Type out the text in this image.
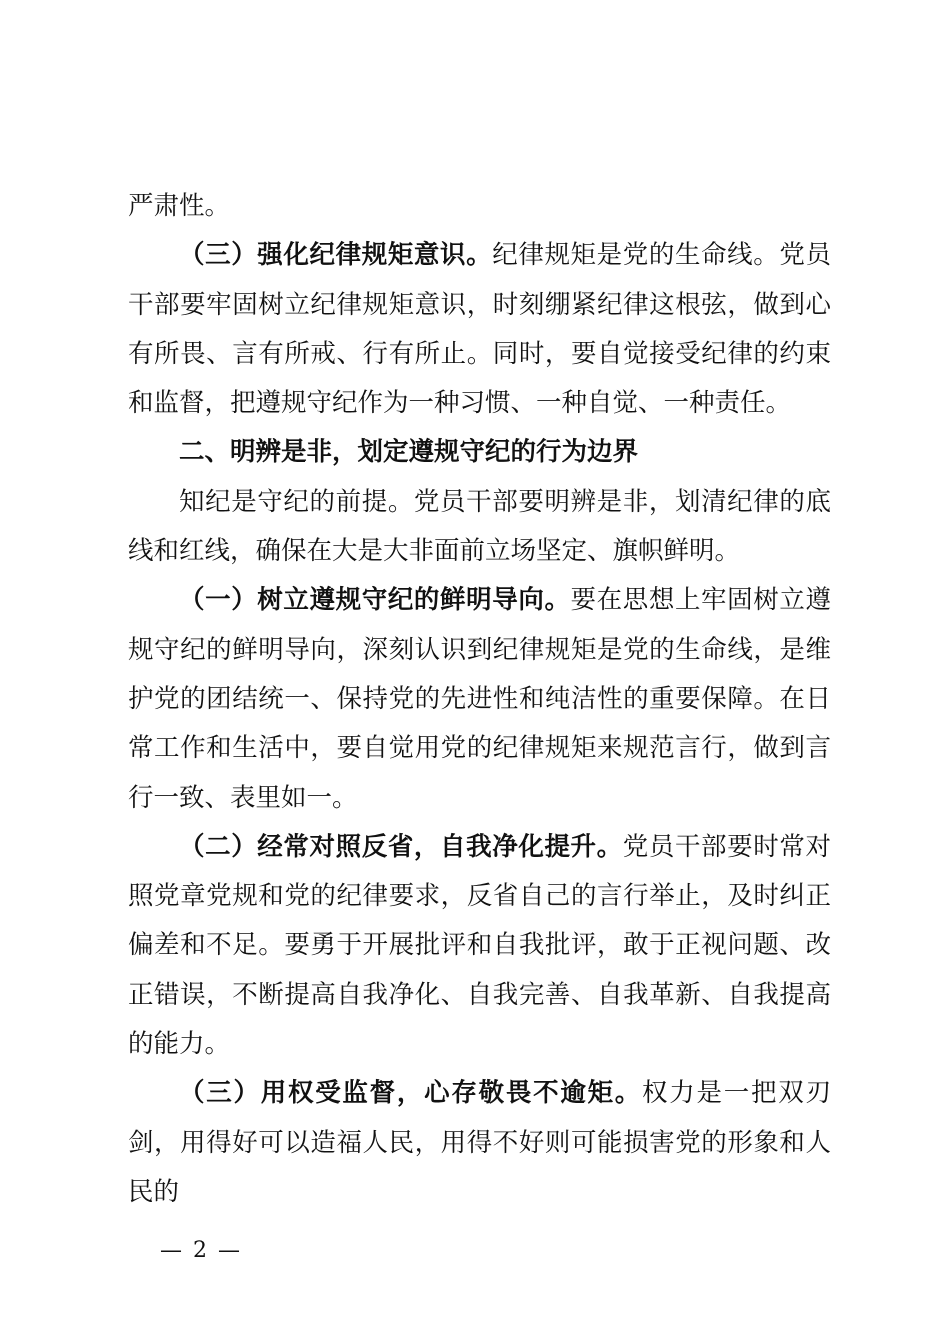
严肃性。

（三）强化纪律规矩意识。纪律规矩是党的生命线。党员干部要牢固树立纪律规矩意识，时刻绷紧纪律这根弦，做到心有所畏、言有所戒、行有所止。同时，要自觉接受纪律的约束和监督，把遵规守纪作为一种习惯、一种自觉、一种责任。

二、明辨是非，划定遵规守纪的行为边界

知纪是守纪的前提。党员干部要明辨是非，划清纪律的底线和红线，确保在大是大非面前立场坚定、旗帜鲜明。

（一）树立遵规守纪的鲜明导向。要在思想上牢固树立遵规守纪的鲜明导向，深刻认识到纪律规矩是党的生命线，是维护党的团结统一、保持党的先进性和纯洁性的重要保障。在日常工作和生活中，要自觉用党的纪律规矩来规范言行，做到言行一致、表里如一。

（二）经常对照反省，自我净化提升。党员干部要时常对照党章党规和党的纪律要求，反省自己的言行举止，及时纠正偏差和不足。要勇于开展批评和自我批评，敢于正视问题、改正错误，不断提高自我净化、自我完善、自我革新、自我提高的能力。

（三）用权受监督，心存敬畏不逾矩。权力是一把双刃剑，用得好可以造福人民，用得不好则可能损害党的形象和人民的

— 2 —
